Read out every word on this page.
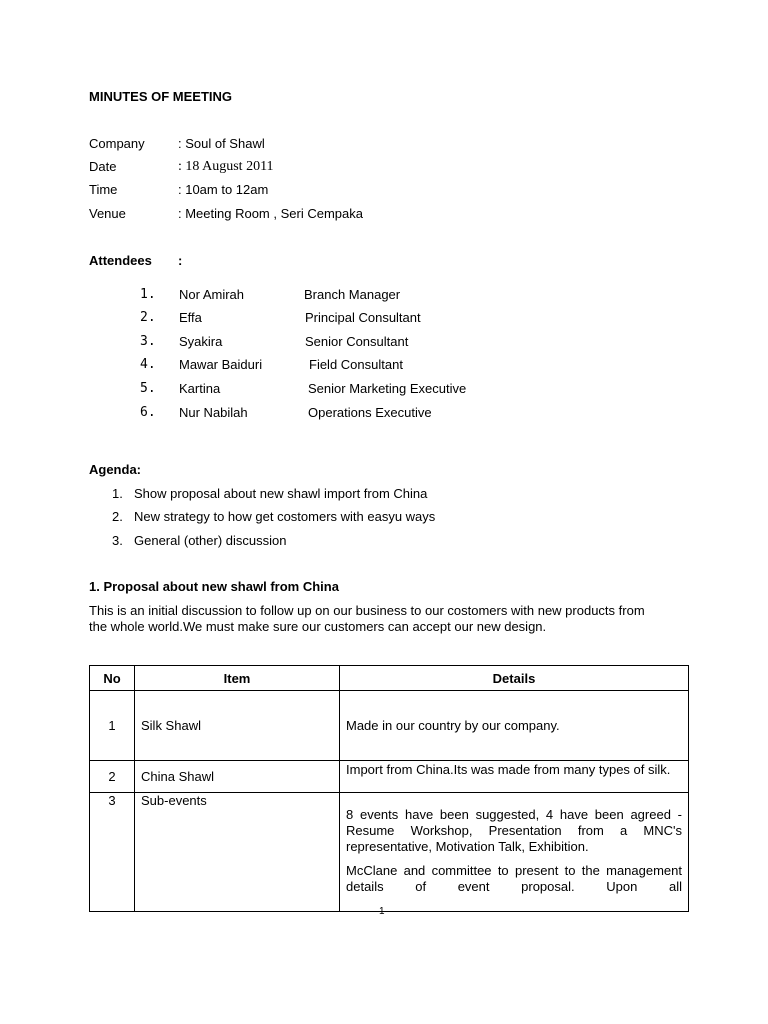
MINUTES OF MEETING
Company	: Soul of Shawl
Date	: 18 August 2011
Time	: 10am to 12am
Venue	: Meeting Room , Seri Cempaka
Attendees :
1. Nor Amirah	Branch Manager
2. Effa	Principal Consultant
3. Syakira	Senior Consultant
4. Mawar Baiduri	Field Consultant
5. Kartina	Senior Marketing Executive
6. Nur Nabilah	Operations Executive
Agenda:
1. Show proposal about new shawl import from China
2. New strategy to how get costomers with easyu ways
3. General (other) discussion
1. Proposal about new shawl from China
This is an initial discussion to follow up on our business to our costomers with new products from
the whole world.We must make sure our customers can accept our new design.
No	Item	Details
1	Silk Shawl	Made in our country by our company.
2	China Shawl	Import from China.Its was made from many types of silk.
3	Sub-events	8 events have been suggested, 4 have been agreed - Resume Workshop, Presentation from a MNC's representative, Motivation Talk, Exhibition.

McClane and committee to present to the management details of event proposal. Upon all

1
